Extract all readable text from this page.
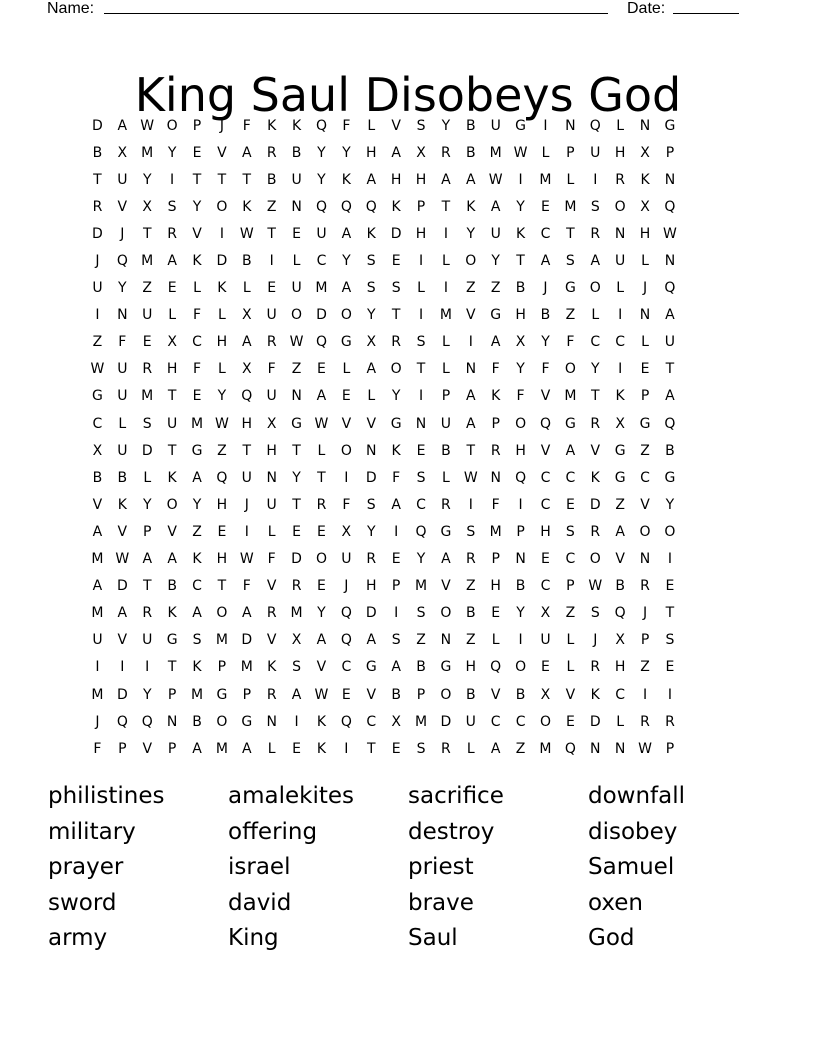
Name:	Date:
King Saul Disobeys God
D	A W O	P	J	F	K	K	Q	F	L	V	S	Y	B	U	G	I	N	Q	L	N	G
B	X	M	Y	E	V	A	R	B	Y	Y	H	A	X	R	B	M W	L	P	U	H	X	P
T	U	Y	I	T	T	T	B	U	Y	K	A	H	H	A	A W	I	M	L	I	R	K	N
R	V	X	S	Y	O	K	Z	N	Q Q Q	K	P	T	K	A	Y	E	M	S	O	X	Q
D	J	T	R	V	I	W T	E	U	A	K	D	H	I	Y	U	K	C	T	R	N	H W
J	Q M	A	K	D	B	I	L	C	Y	S	E	I	L	O	Y	T	A	S	A	U	L	N
U	Y	Z	E	L	K	L	E	U M	A	S	S	L	I	Z	Z	B	J	G O	L	J	Q
I	N	U	L	F	L	X	U	O D O	Y	T	I	M	V	G	H	B	Z	L	I	N	A
Z	F	E	X	C	H	A	R W Q G	X	R	S	L	I	A	X	Y	F	C	C	L	U
W U	R	H	F	L	X	F	Z	E	L	A	O	T	L	N	F	Y	F	O	Y	I	E	T
G	U M	T	E	Y	Q	U	N	A	E	L	Y	I	P	A	K	F	V	M	T	K	P	A
C	L	S	U M W H	X	G W V	V	G	N	U	A	P	O Q G	R	X	G Q
X	U	D	T	G	Z	T	H	T	L	O	N	K	E	B	T	R	H	V	A	V	G	Z	B
B	B	L	K	A	Q	U	N	Y	T	I	D	F	S	L	W N	Q	C	C	K	G	C	G
V	K	Y	O	Y	H	J	U	T	R	F	S	A	C	R	I	F	I	C	E	D	Z	V	Y
A	V	P	V	Z	E	I	L	E	E	X	Y	I	Q G	S	M	P	H	S	R	A	O O
M W A	A	K	H W F	D O	U	R	E	Y	A	R	P	N	E	C	O	V	N	I
A	D	T	B	C	T	F	V	R	E	J	H	P	M	V	Z	H	B	C	P W B	R	E
M	A	R	K	A	O	A	R M	Y	Q D	I	S	O	B	E	Y	X	Z	S	Q	J	T
U	V	U	G	S	M D	V	X	A	Q	A	S	Z	N	Z	L	I	U	L	J	X	P	S
I	I	I	T	K	P	M	K	S	V	C	G	A	B	G	H	Q O	E	L	R	H	Z	E
M D	Y	P	M G	P	R	A W E	V	B	P	O	B	V	B	X	V	K	C	I	I
J	Q Q	N	B	O G	N	I	K	Q	C	X	M D	U	C	C	O	E	D	L	R	R
F	P	V	P	A	M	A	L	E	K	I	T	E	S	R	L	A	Z	M Q	N	N W P
philistines	amalekites	sacrifice	downfall
military	offering	destroy	disobey
prayer	israel	priest	Samuel
sword	david	brave	oxen
army	King	Saul	God
